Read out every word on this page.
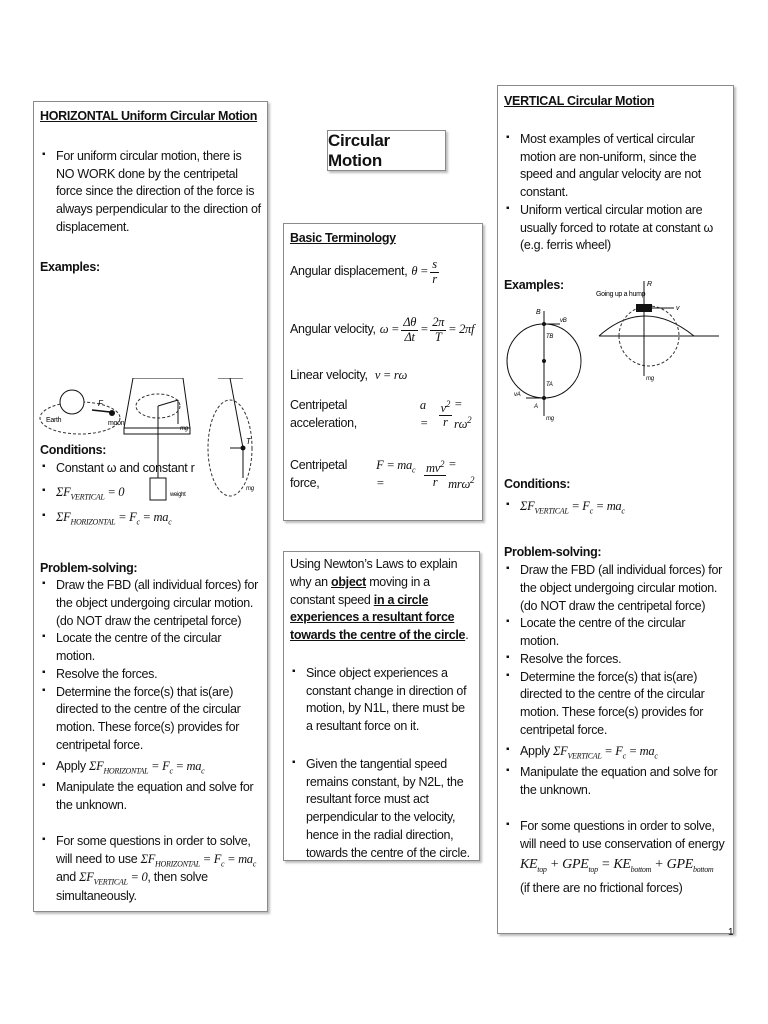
HORIZONTAL Uniform Circular Motion
▪ For uniform circular motion, there is NO WORK done by the centripetal force since the direction of the force is always perpendicular to the direction of displacement.
Examples:
Earth	moon
F
weight
mg
T
mg
Conditions:
▪ Constant ω and constant r
▪ $\Sigma F_{VERTICAL} = 0$
▪ $\Sigma F_{HORIZONTAL} = F_c = ma_c$
Problem-solving:
▪ Draw the FBD (all individual forces) for the object undergoing circular motion. (do NOT draw the centripetal force)
▪ Locate the centre of the circular motion.
▪ Resolve the forces.
▪ Determine the force(s) that is(are) directed to the centre of the circular motion. These force(s) provides for centripetal force.
▪ Apply $\Sigma F_{HORIZONTAL} = F_c = ma_c$
▪ Manipulate the equation and solve for the unknown.
▪ For some questions in order to solve, will need to use $\Sigma F_{HORIZONTAL} = F_c = ma_c$ and $\Sigma F_{VERTICAL} = 0$, then solve simultaneously.
Circular Motion
Basic Terminology
Angular displacement, $\theta = \frac{s}{r}$
Angular velocity, $\omega = \frac{\Delta\theta}{\Delta t} = \frac{2\pi}{T} = 2\pi f$
Linear velocity, v = rω
Centripetal acceleration,
$a = \frac{v^2}{r} = r\omega^2$
Centripetal force,
$F = ma_c$ =	$\frac{mv^2}{r} = mr\omega^2$
Using Newton’s Laws to explain why an object moving in a constant speed in a circle experiences a resultant force towards the centre of the circle.
▪ Since object experiences a constant change in direction of motion, by N1L, there must be a resultant force on it.
▪ Given the tangential speed remains constant, by N2L, the resultant force must act perpendicular to the velocity, hence in the radial direction, towards the centre of the circle.
VERTICAL Circular Motion
▪ Most examples of vertical circular motion are non-uniform, since the speed and angular velocity are not constant.
▪ Uniform vertical circular motion are usually forced to rotate at constant ω (e.g. ferris wheel)
Examples:
B
vB
TB
TA
vA
A
mg
R
v
Going up a hump
mg
Conditions:
▪ $\Sigma F_{VERTICAL} = F_c = ma_c$
Problem-solving:
▪ Draw the FBD (all individual forces) for the object undergoing circular motion. (do NOT draw the centripetal force)
▪ Locate the centre of the circular motion.
▪ Resolve the forces.
▪ Determine the force(s) that is(are) directed to the centre of the circular motion. These force(s) provides for centripetal force.
▪ Apply $\Sigma F_{VERTICAL} = F_c = ma_c$
▪ Manipulate the equation and solve for the unknown.
▪ For some questions in order to solve, will need to use conservation of energy
$KE_{top} + GPE_{top} = KE_{bottom} + GPE_{bottom}$
(if there are no frictional forces)
1
